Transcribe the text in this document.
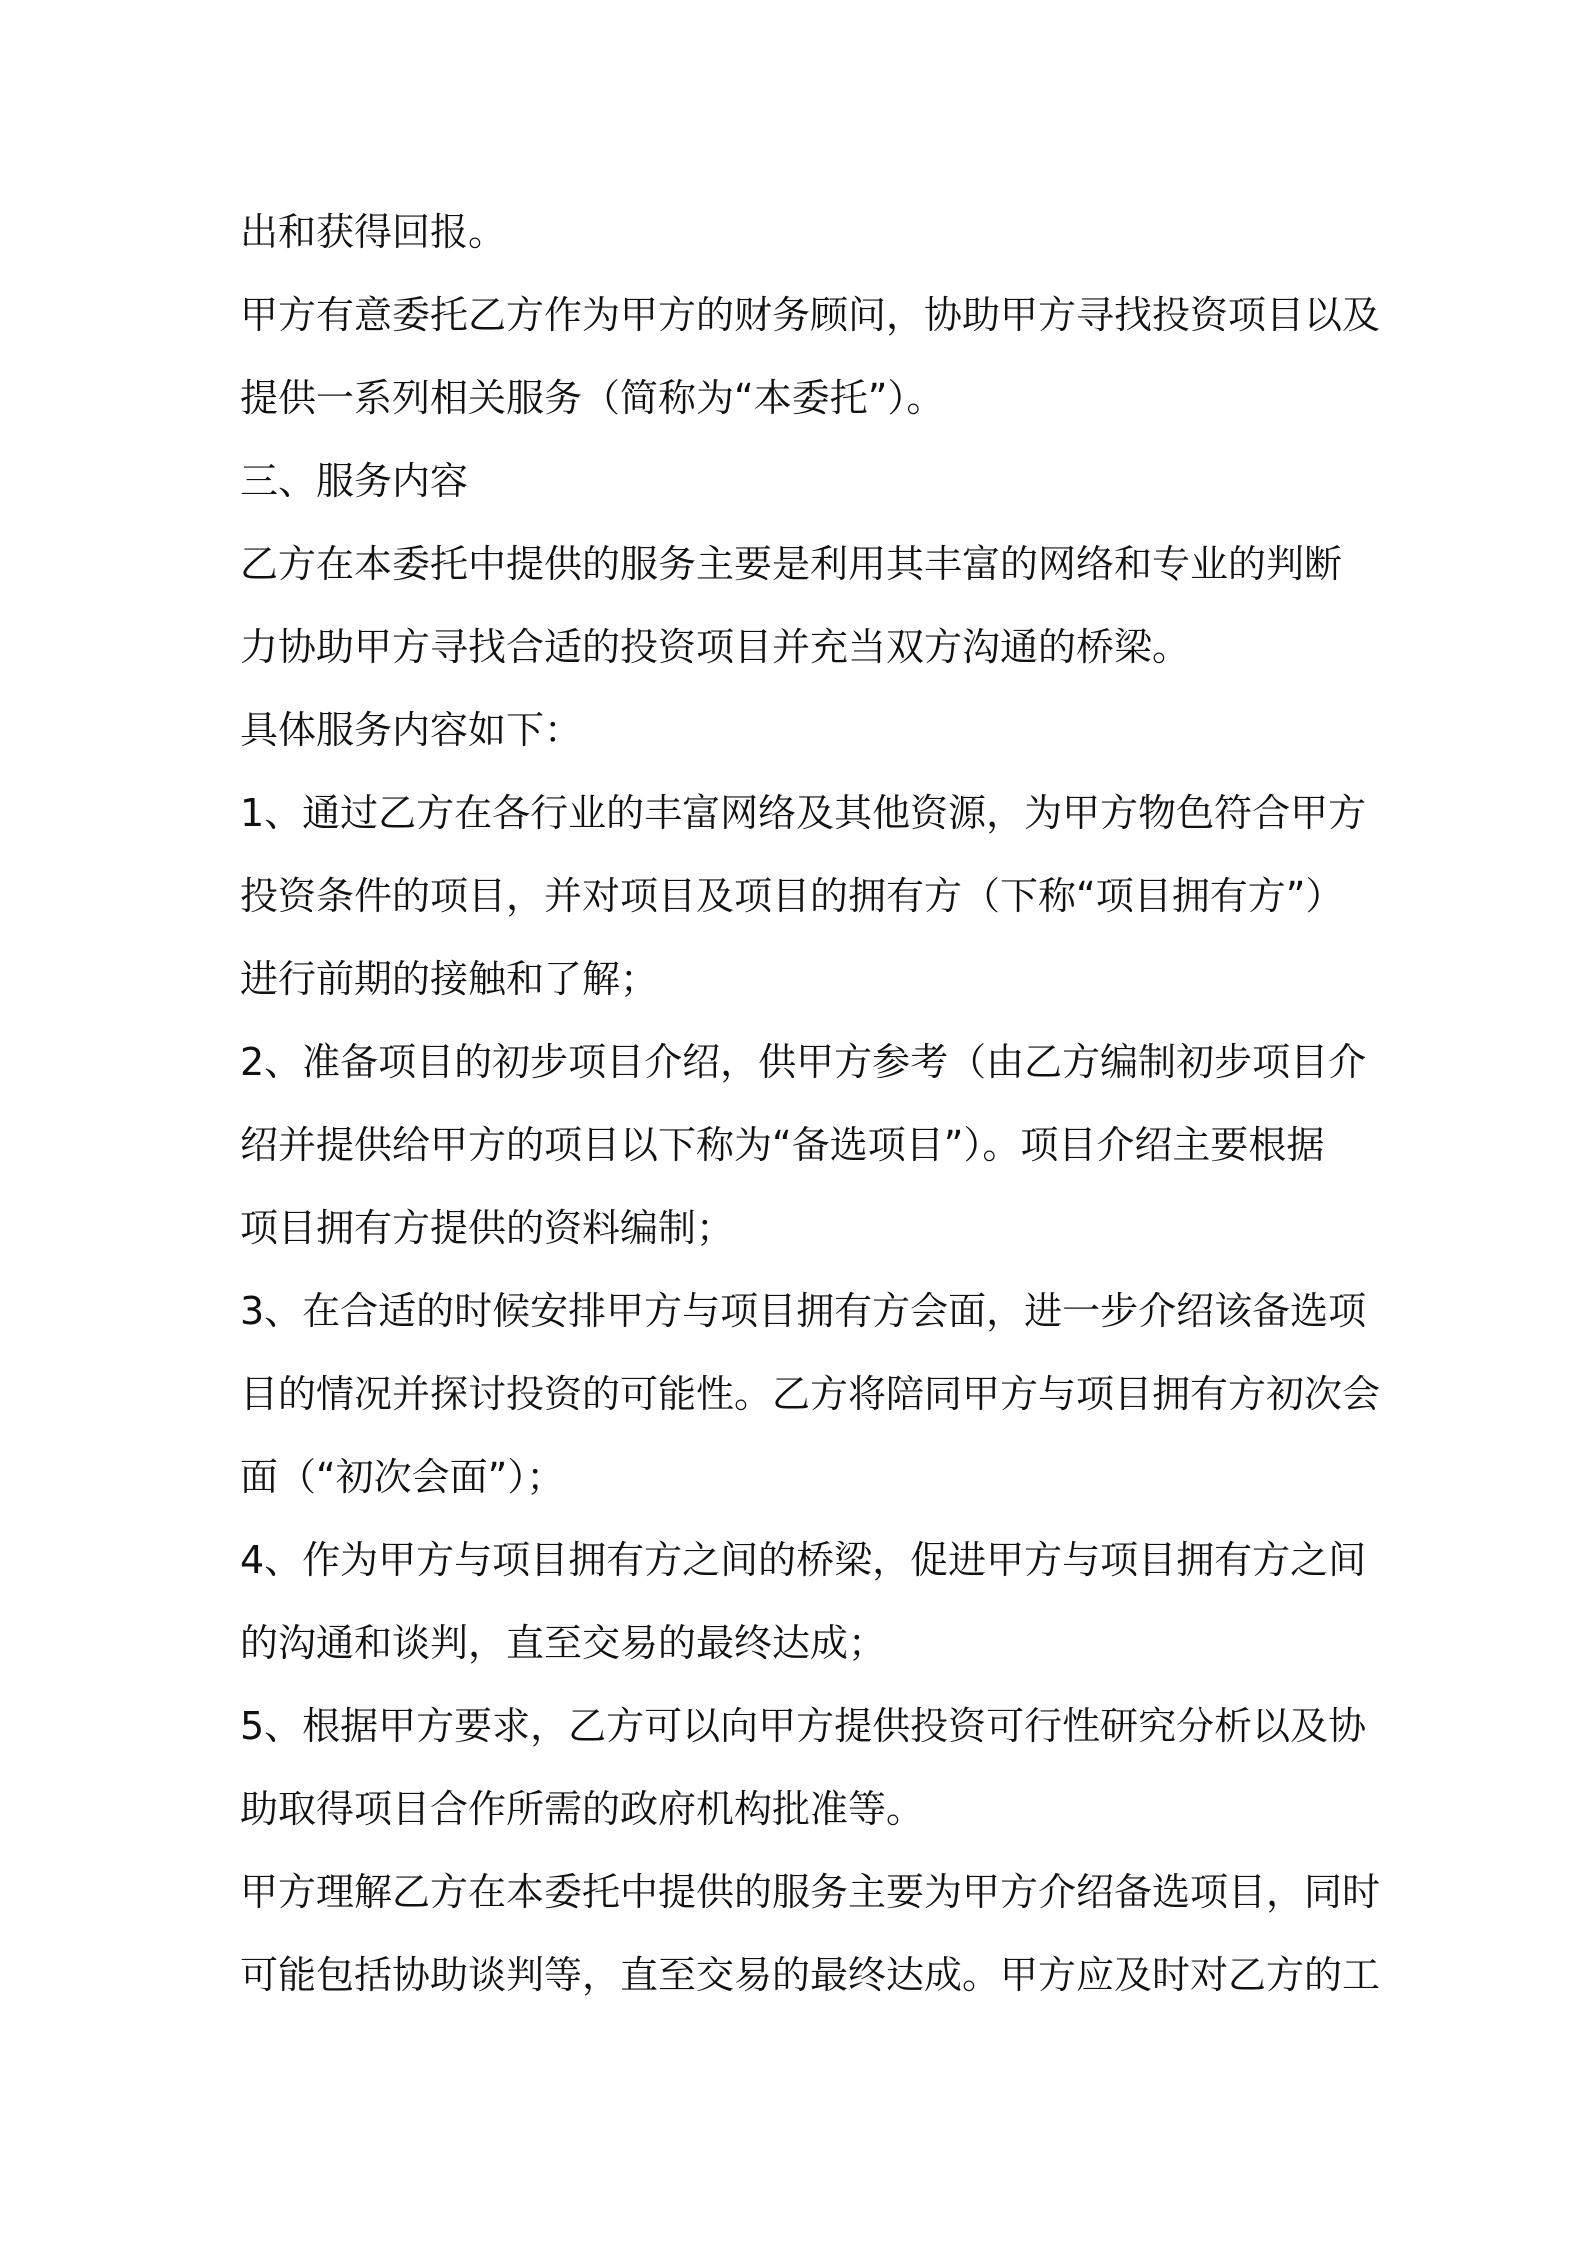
出和获得回报。
甲方有意委托乙方作为甲方的财务顾问，协助甲方寻找投资项目以及
提供一系列相关服务（简称为“本委托”）。
三、服务内容
乙方在本委托中提供的服务主要是利用其丰富的网络和专业的判断
力协助甲方寻找合适的投资项目并充当双方沟通的桥梁。
具体服务内容如下：
1、通过乙方在各行业的丰富网络及其他资源，为甲方物色符合甲方
投资条件的项目，并对项目及项目的拥有方（下称“项目拥有方”）
进行前期的接触和了解；
2、准备项目的初步项目介绍，供甲方参考（由乙方编制初步项目介
绍并提供给甲方的项目以下称为“备选项目”）。项目介绍主要根据
项目拥有方提供的资料编制；
3、在合适的时候安排甲方与项目拥有方会面，进一步介绍该备选项
目的情况并探讨投资的可能性。乙方将陪同甲方与项目拥有方初次会
面（“初次会面”）；
4、作为甲方与项目拥有方之间的桥梁，促进甲方与项目拥有方之间
的沟通和谈判，直至交易的最终达成；
5、根据甲方要求，乙方可以向甲方提供投资可行性研究分析以及协
助取得项目合作所需的政府机构批准等。
甲方理解乙方在本委托中提供的服务主要为甲方介绍备选项目，同时
可能包括协助谈判等，直至交易的最终达成。甲方应及时对乙方的工
